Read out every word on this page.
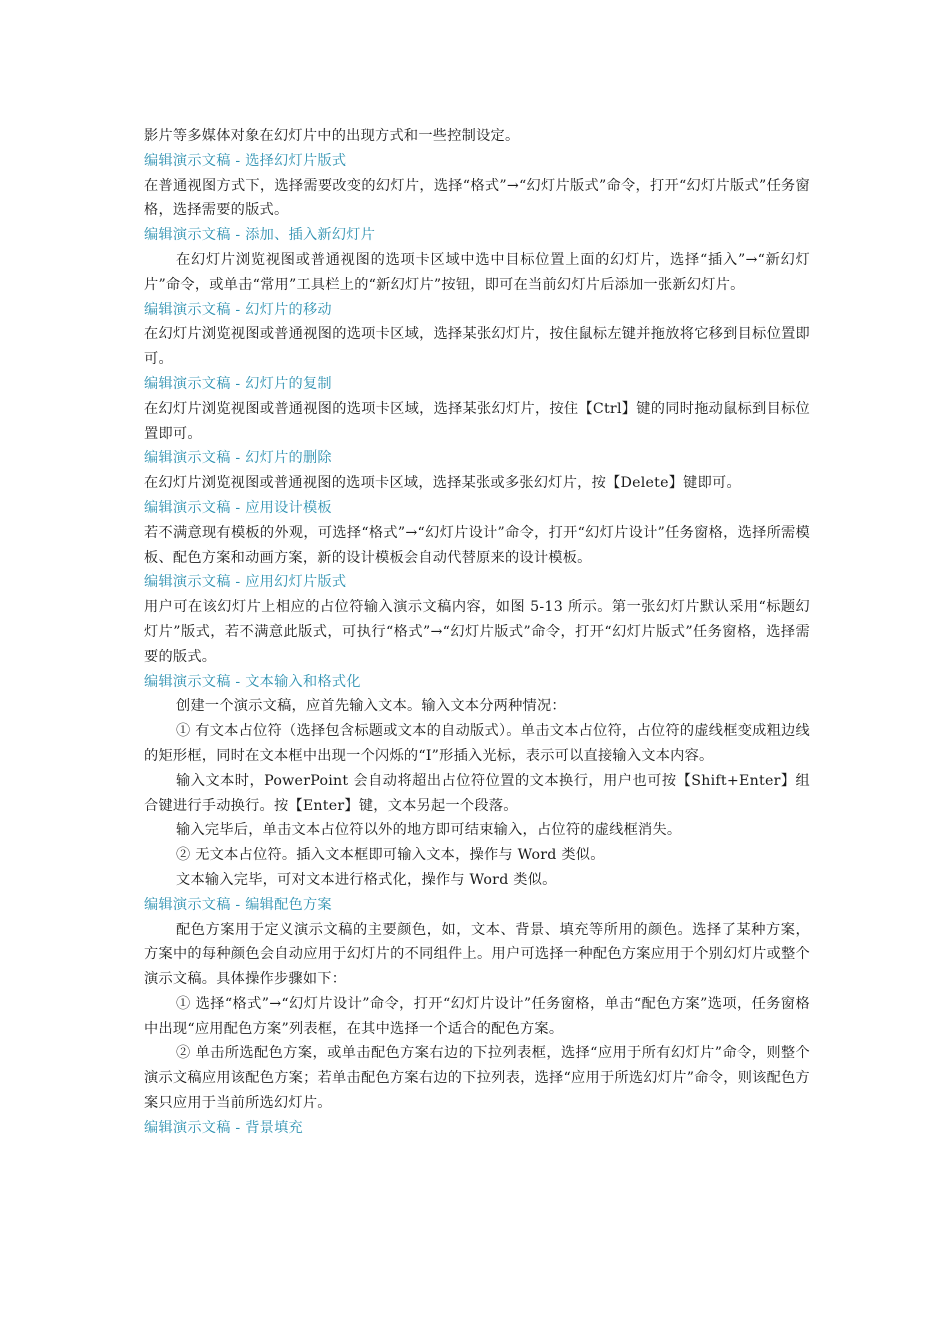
影片等多媒体对象在幻灯片中的出现方式和一些控制设定。

编辑演示文稿 - 选择幻灯片版式

在普通视图方式下，选择需要改变的幻灯片，选择“格式”→“幻灯片版式”命令，打开“幻灯片版式”任务窗格，选择需要的版式。

编辑演示文稿 - 添加、插入新幻灯片

在幻灯片浏览视图或普通视图的选项卡区域中选中目标位置上面的幻灯片，选择“插入”→“新幻灯片”命令，或单击“常用”工具栏上的“新幻灯片”按钮，即可在当前幻灯片后添加一张新幻灯片。

编辑演示文稿 - 幻灯片的移动

在幻灯片浏览视图或普通视图的选项卡区域，选择某张幻灯片，按住鼠标左键并拖放将它移到目标位置即可。

编辑演示文稿 - 幻灯片的复制

在幻灯片浏览视图或普通视图的选项卡区域，选择某张幻灯片，按住【Ctrl】键的同时拖动鼠标到目标位置即可。

编辑演示文稿 - 幻灯片的删除

在幻灯片浏览视图或普通视图的选项卡区域，选择某张或多张幻灯片，按【Delete】键即可。

编辑演示文稿 - 应用设计模板

若不满意现有模板的外观，可选择“格式”→“幻灯片设计”命令，打开“幻灯片设计”任务窗格，选择所需模板、配色方案和动画方案，新的设计模板会自动代替原来的设计模板。

编辑演示文稿 - 应用幻灯片版式

用户可在该幻灯片上相应的占位符输入演示文稿内容，如图 5-13 所示。第一张幻灯片默认采用“标题幻灯片”版式，若不满意此版式，可执行“格式”→“幻灯片版式”命令，打开“幻灯片版式”任务窗格，选择需要的版式。

编辑演示文稿 - 文本输入和格式化

创建一个演示文稿，应首先输入文本。输入文本分两种情况：

① 有文本占位符（选择包含标题或文本的自动版式）。单击文本占位符，占位符的虚线框变成粗边线的矩形框，同时在文本框中出现一个闪烁的“I”形插入光标，表示可以直接输入文本内容。

输入文本时，PowerPoint 会自动将超出占位符位置的文本换行，用户也可按【Shift+Enter】组合键进行手动换行。按【Enter】键，文本另起一个段落。

输入完毕后，单击文本占位符以外的地方即可结束输入，占位符的虚线框消失。

② 无文本占位符。插入文本框即可输入文本，操作与 Word 类似。

文本输入完毕，可对文本进行格式化，操作与 Word 类似。

编辑演示文稿 - 编辑配色方案

配色方案用于定义演示文稿的主要颜色，如，文本、背景、填充等所用的颜色。选择了某种方案，方案中的每种颜色会自动应用于幻灯片的不同组件上。用户可选择一种配色方案应用于个别幻灯片或整个演示文稿。具体操作步骤如下：

① 选择“格式”→“幻灯片设计”命令，打开“幻灯片设计”任务窗格，单击“配色方案”选项，任务窗格中出现“应用配色方案”列表框，在其中选择一个适合的配色方案。

② 单击所选配色方案，或单击配色方案右边的下拉列表框，选择“应用于所有幻灯片”命令，则整个演示文稿应用该配色方案；若单击配色方案右边的下拉列表，选择“应用于所选幻灯片”命令，则该配色方案只应用于当前所选幻灯片。

编辑演示文稿 - 背景填充
